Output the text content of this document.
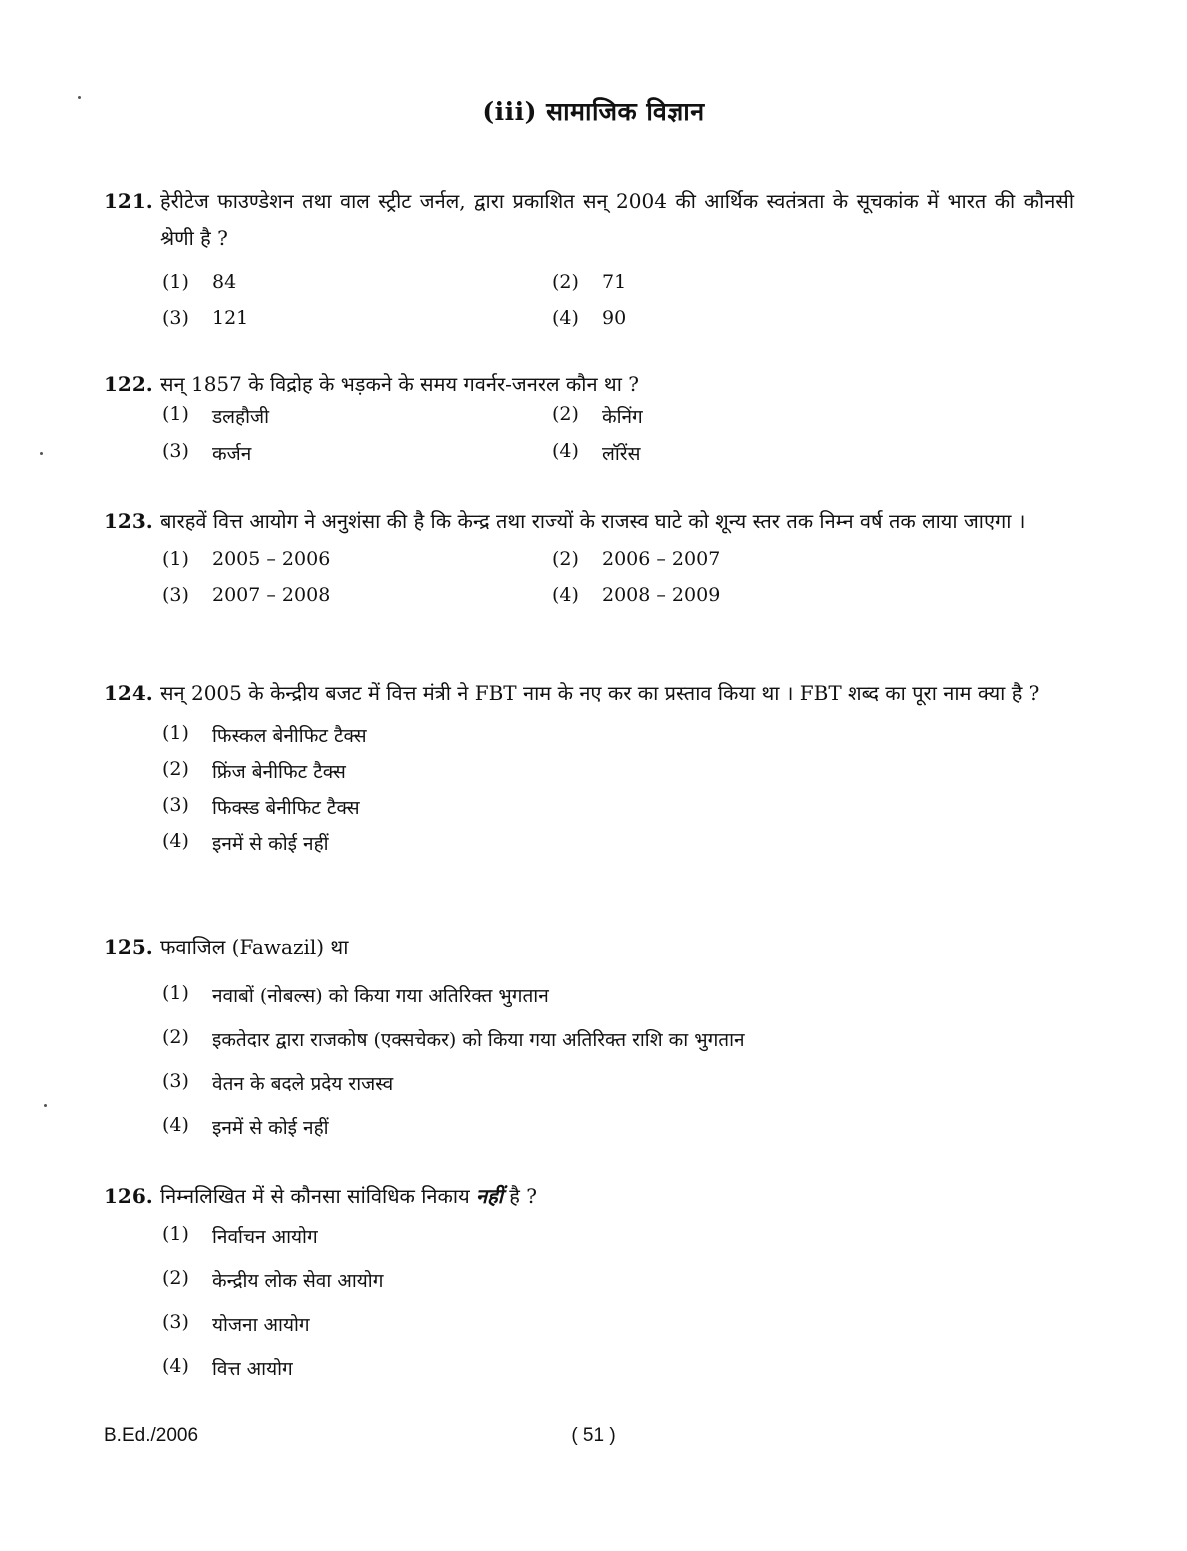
(iii) सामाजिक विज्ञान
121. हेरीटेज फाउण्डेशन तथा वाल स्ट्रीट जर्नल, द्वारा प्रकाशित सन् 2004 की आर्थिक स्वतंत्रता के सूचकांक में भारत की कौनसी श्रेणी है ?
(1)	84	(2)	71
(3)	121	(4)	90
122. सन् 1857 के विद्रोह के भड़कने के समय गवर्नर-जनरल कौन था ?
(1)	डलहौजी	(2)	केनिंग
(3)	कर्जन	(4)	लॉरेंस
123. बारहवें वित्त आयोग ने अनुशंसा की है कि केन्द्र तथा राज्यों के राजस्व घाटे को शून्य स्तर तक निम्न वर्ष तक लाया जाएगा ।
(1)	2005 – 2006	(2)	2006 – 2007
(3)	2007 – 2008	(4)	2008 – 2009
124. सन् 2005 के केन्द्रीय बजट में वित्त मंत्री ने FBT नाम के नए कर का प्रस्ताव किया था । FBT शब्द का पूरा नाम क्या है ?
(1)	फिस्कल बेनीफिट टैक्स
(2)	फ्रिंज बेनीफिट टैक्स
(3)	फिक्स्ड बेनीफिट टैक्स
(4)	इनमें से कोई नहीं
125. फवाजिल (Fawazil) था
(1)	नवाबों (नोबल्स) को किया गया अतिरिक्त भुगतान
(2)	इकतेदार द्वारा राजकोष (एक्सचेकर) को किया गया अतिरिक्त राशि का भुगतान
(3)	वेतन के बदले प्रदेय राजस्व
(4)	इनमें से कोई नहीं
126. निम्नलिखित में से कौनसा सांविधिक निकाय नहीं है ?
(1)	निर्वाचन आयोग
(2)	केन्द्रीय लोक सेवा आयोग
(3)	योजना आयोग
(4)	वित्त आयोग
B.Ed./2006	( 51 )
